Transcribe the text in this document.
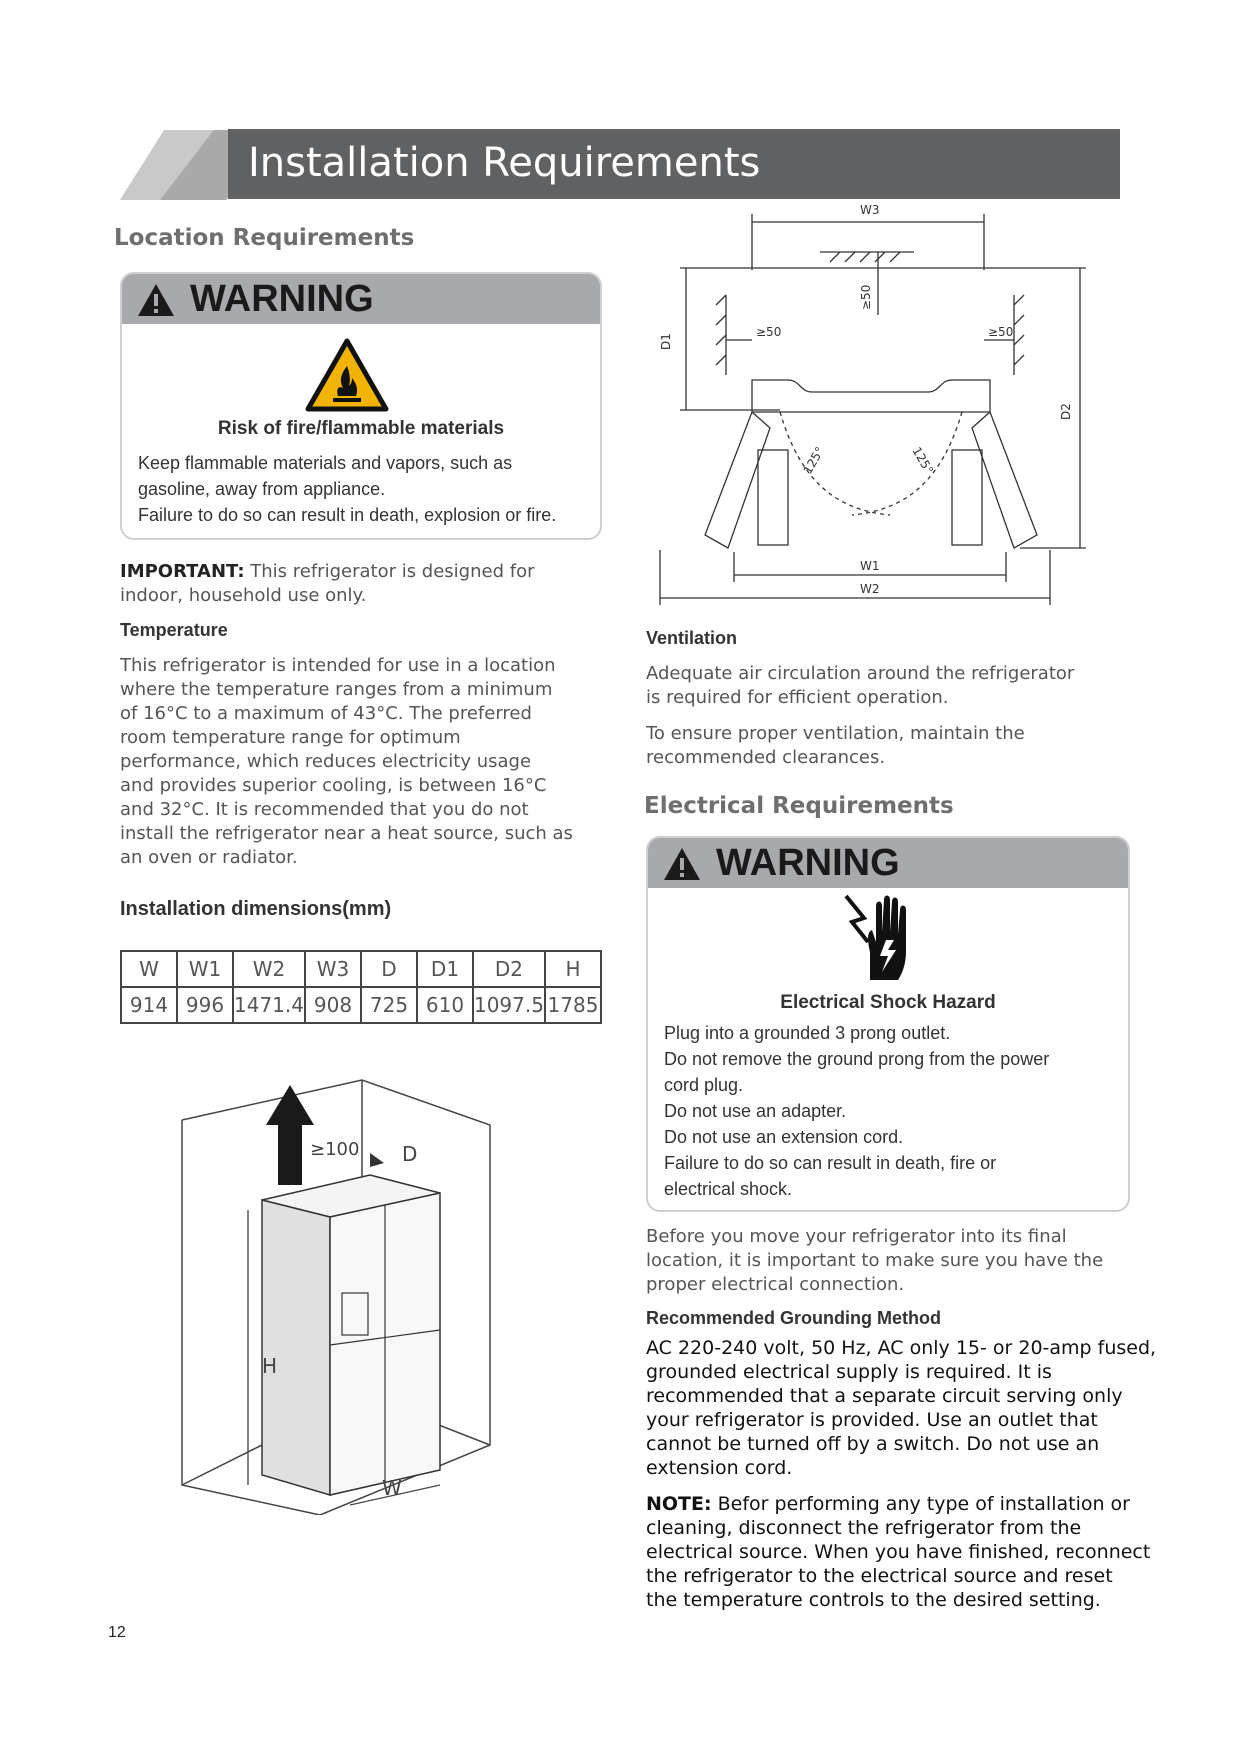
Installation Requirements
Location Requirements
WARNING
Risk of fire/flammable materials
Keep flammable materials and vapors, such as
gasoline, away from appliance.
Failure to do so can result in death, explosion or fire.
IMPORTANT: This refrigerator is designed for
indoor, household use only.
Temperature
This refrigerator is intended for use in a location
where the temperature ranges from a minimum
of 16°C to a maximum of 43°C. The preferred
room temperature range for optimum
performance, which reduces electricity usage
and provides superior cooling, is between 16°C
and 32°C. It is recommended that you do not
install the refrigerator near a heat source, such as
an oven or radiator.
Installation dimensions(mm)
W	W1	W2	W3	D	D1	D2	H
914	996	1471.4	908	725	610	1097.5	1785
≥100 D
H
W
W3
W1
W2
D1
D2
≥50
≥50	≥50
125°	125°
Ventilation
Adequate air circulation around the refrigerator
is required for efficient operation.
To ensure proper ventilation, maintain the
recommended clearances.
Electrical Requirements
WARNING
Electrical Shock Hazard
Plug into a grounded 3 prong outlet.
Do not remove the ground prong from the power
cord plug.
Do not use an adapter.
Do not use an extension cord.
Failure to do so can result in death, fire or
electrical shock.
Before you move your refrigerator into its final
location, it is important to make sure you have the
proper electrical connection.
Recommended Grounding Method
AC 220-240 volt, 50 Hz, AC only 15- or 20-amp fused,
grounded electrical supply is required. It is
recommended that a separate circuit serving only
your refrigerator is provided. Use an outlet that
cannot be turned off by a switch. Do not use an
extension cord.
NOTE: Befor performing any type of installation or
cleaning, disconnect the refrigerator from the
electrical source. When you have finished, reconnect
the refrigerator to the electrical source and reset
the temperature controls to the desired setting.
12
